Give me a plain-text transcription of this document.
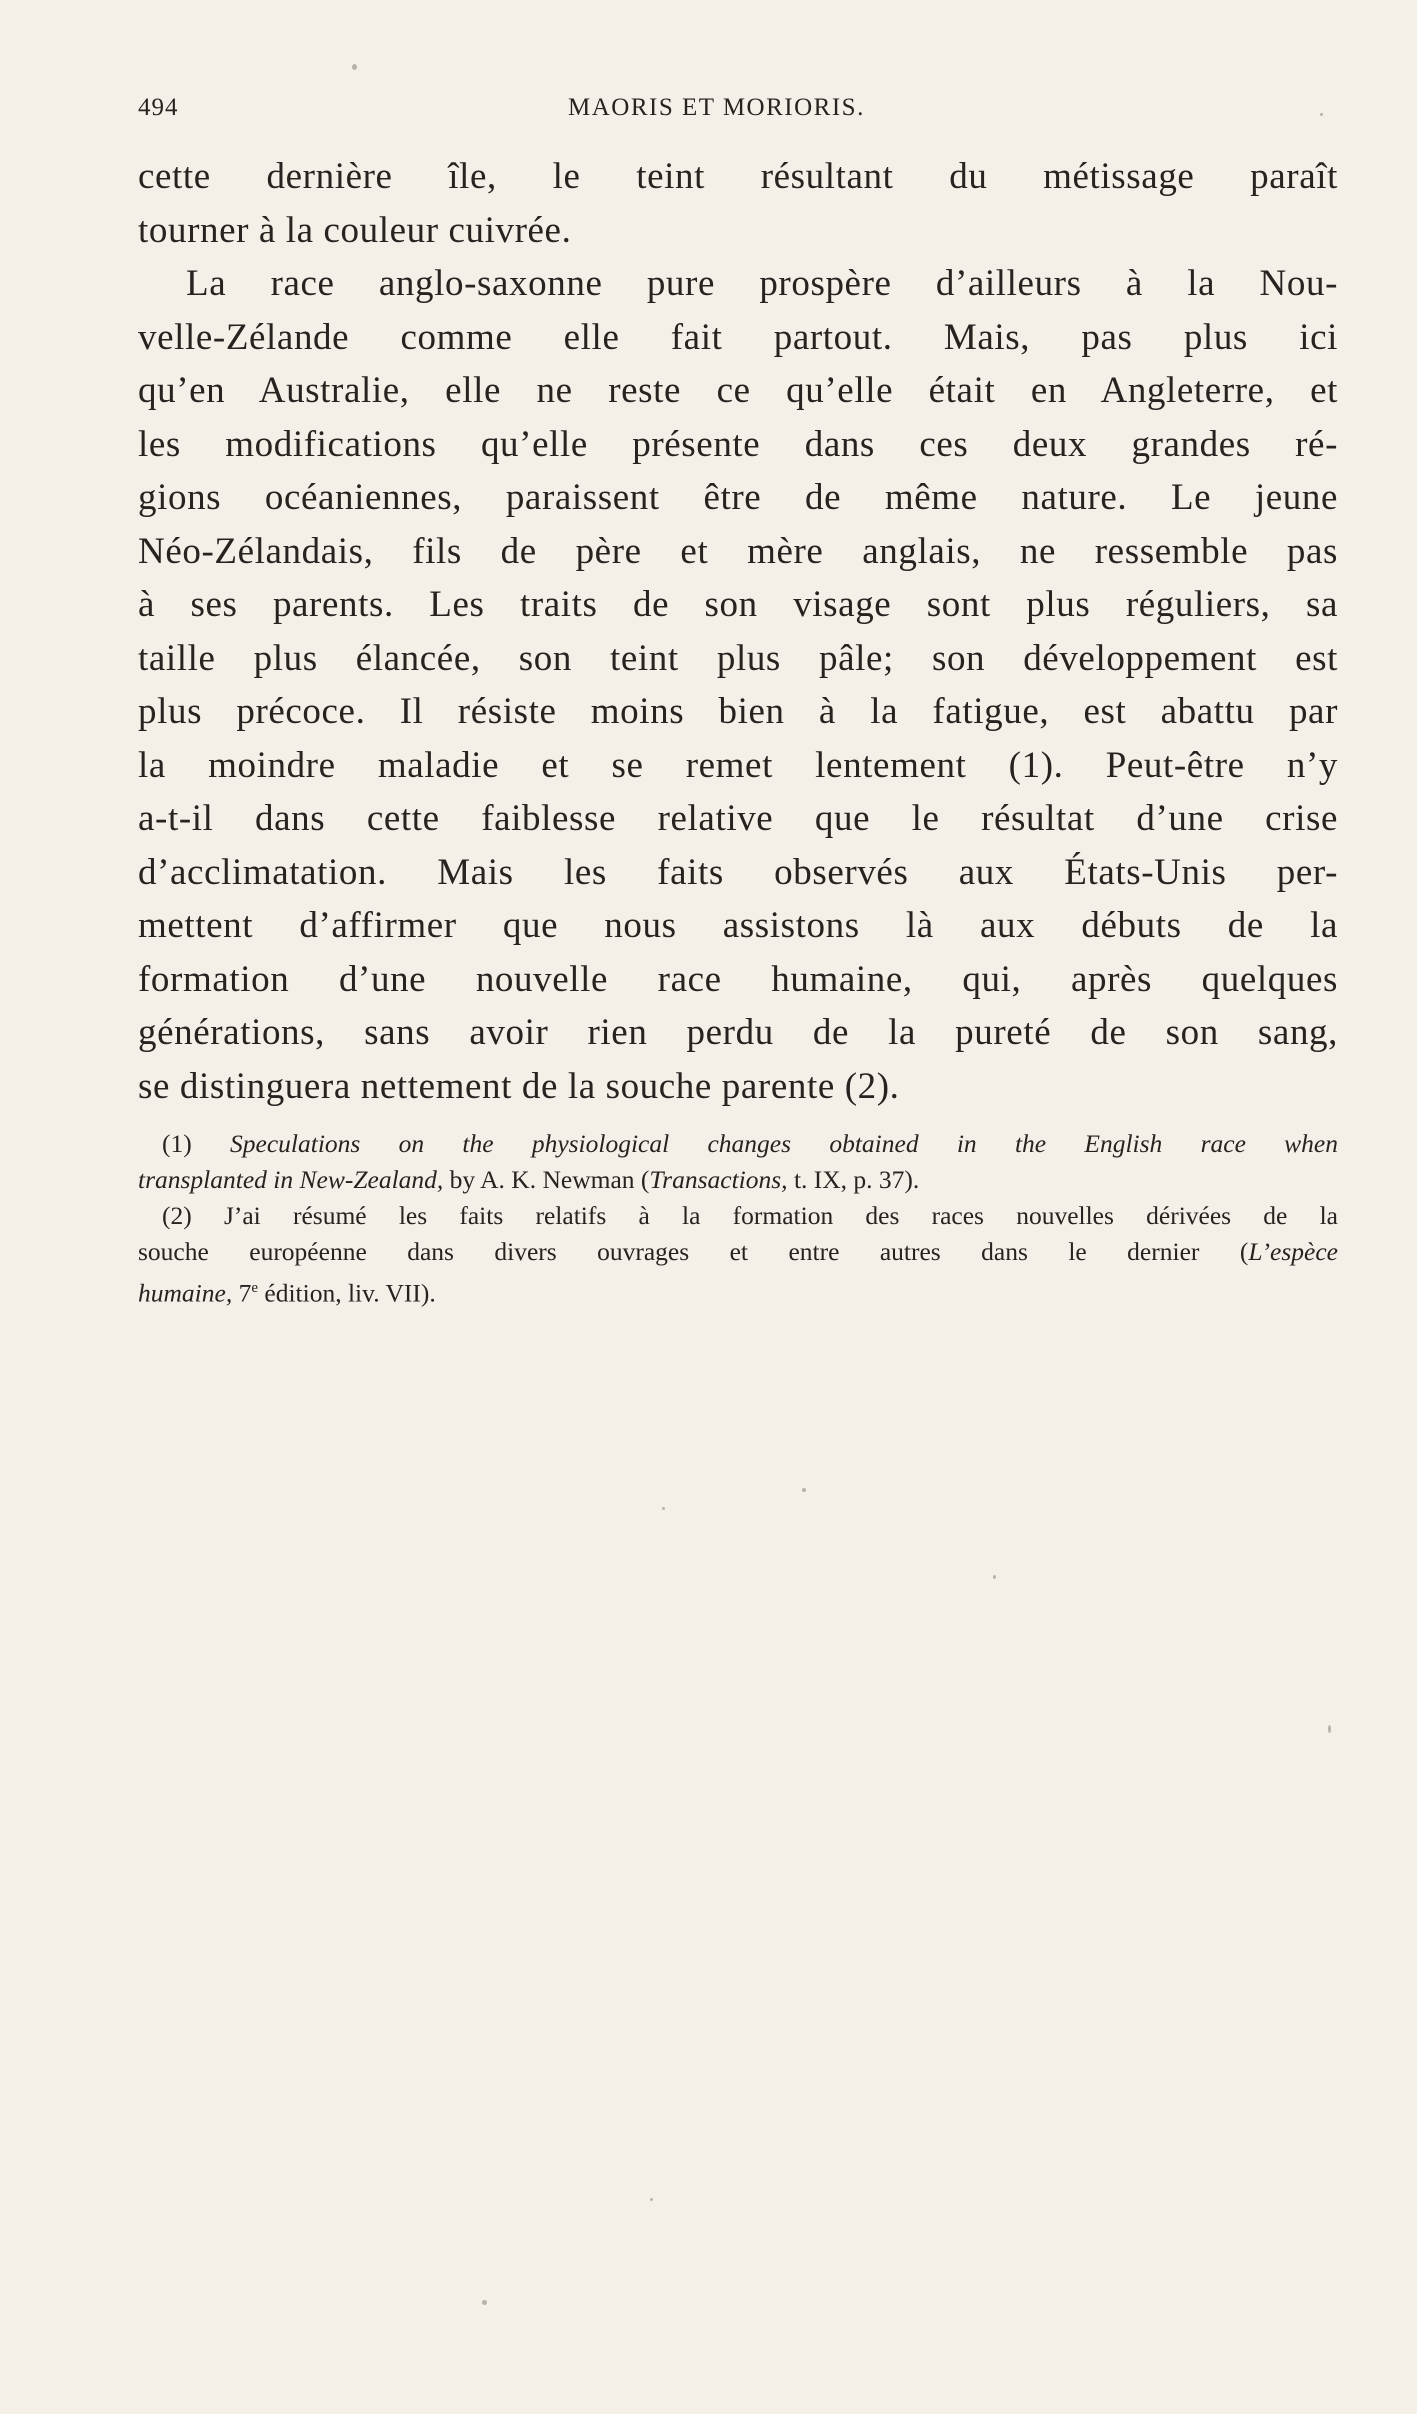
494	MAORIS ET MORIORIS.
cette dernière île, le teint résultant du métissage paraît
tourner à la couleur cuivrée.
La race anglo-saxonne pure prospère d’ailleurs à la Nou-
velle-Zélande comme elle fait partout. Mais, pas plus ici
qu’en Australie, elle ne reste ce qu’elle était en Angleterre, et
les modifications qu’elle présente dans ces deux grandes ré-
gions océaniennes, paraissent être de même nature. Le jeune
Néo-Zélandais, fils de père et mère anglais, ne ressemble pas
à ses parents. Les traits de son visage sont plus réguliers, sa
taille plus élancée, son teint plus pâle; son développement est
plus précoce. Il résiste moins bien à la fatigue, est abattu par
la moindre maladie et se remet lentement (1). Peut-être n’y
a-t-il dans cette faiblesse relative que le résultat d’une crise
d’acclimatation. Mais les faits observés aux États-Unis per-
mettent d’affirmer que nous assistons là aux débuts de la
formation d’une nouvelle race humaine, qui, après quelques
générations, sans avoir rien perdu de la pureté de son sang,
se distinguera nettement de la souche parente (2).
(1) Speculations on the physiological changes obtained in the English race when
transplanted in New-Zealand, by A. K. Newman (Transactions, t. IX, p. 37).
(2) J’ai résumé les faits relatifs à la formation des races nouvelles dérivées de la
souche européenne dans divers ouvrages et entre autres dans le dernier (L’espèce
humaine, 7e édition, liv. VII).
